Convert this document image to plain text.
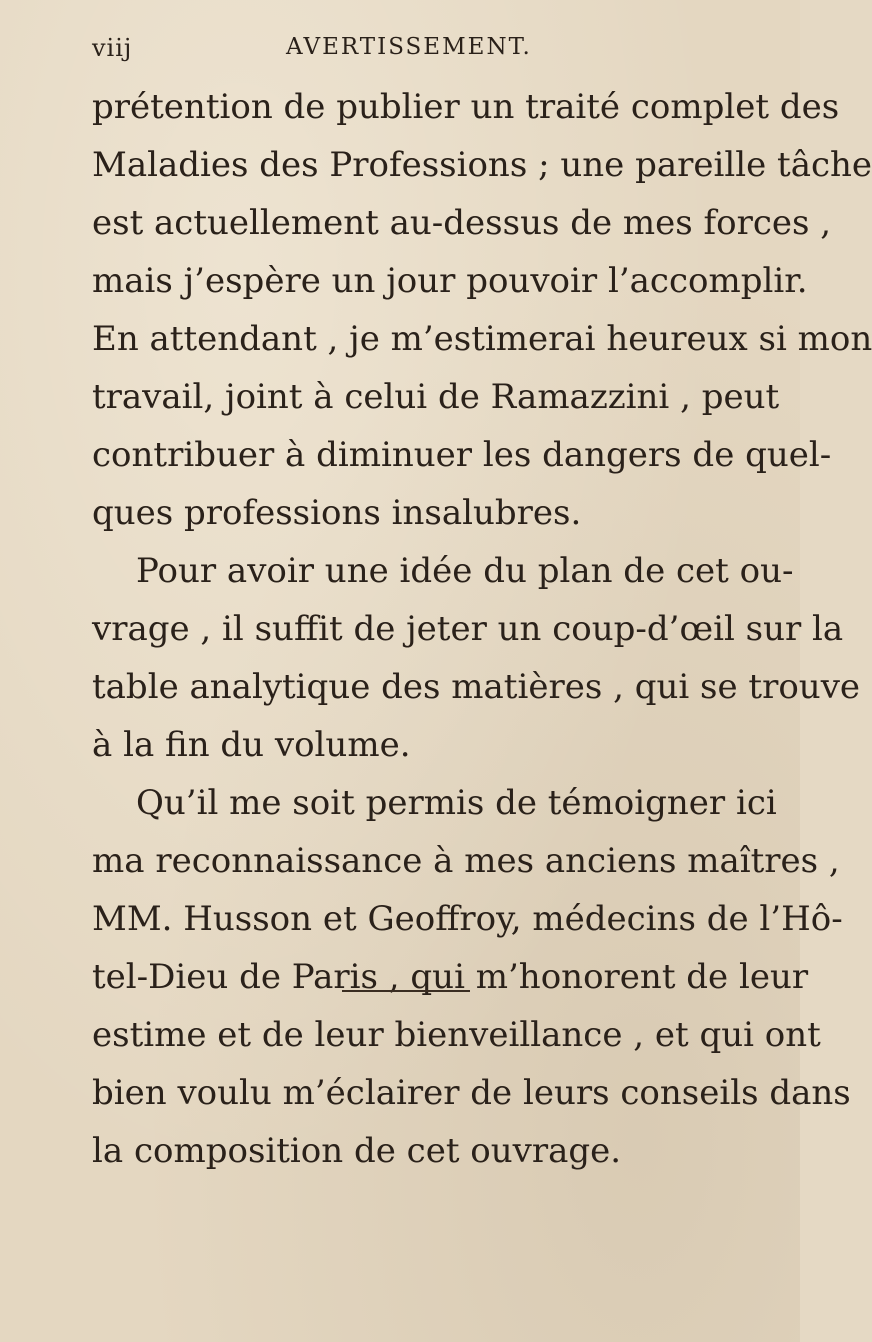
viij	AVERTISSEMENT.
prétention de publier un traité complet des
Maladies des Professions ; une pareille tâche
est actuellement au-dessus de mes forces ,
mais j’espère un jour pouvoir l’accomplir.
En attendant , je m’estimerai heureux si mon
travail, joint à celui de Ramazzini , peut
contribuer à diminuer les dangers de quel-
ques professions insalubres.
Pour avoir une idée du plan de cet ou-
vrage , il suffit de jeter un coup-d’œil sur la
table analytique des matières , qui se trouve
à la fin du volume.
Qu’il me soit permis de témoigner ici
ma reconnaissance à mes anciens maîtres ,
MM. Husson et Geoffroy, médecins de l’Hô-
tel-Dieu de Paris , qui m’honorent de leur
estime et de leur bienveillance , et qui ont
bien voulu m’éclairer de leurs conseils dans
la composition de cet ouvrage.
